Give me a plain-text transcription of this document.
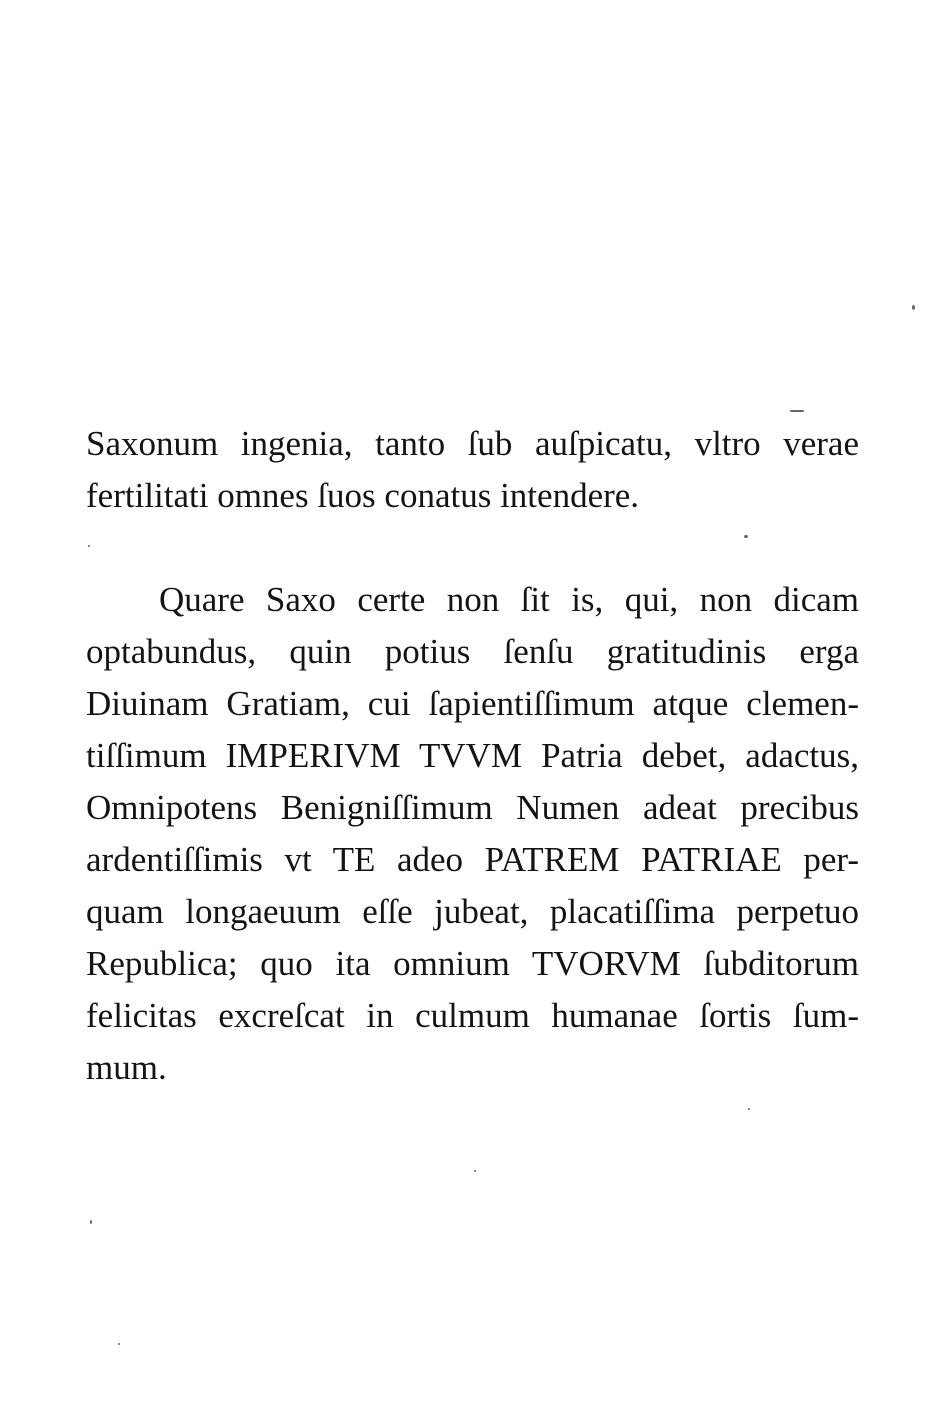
Saxonum ingenia, tanto ſub auſpicatu, vltro verae
fertilitati omnes ſuos conatus intendere.
Quare Saxo certe non ſit is, qui, non dicam
optabundus, quin potius ſenſu gratitudinis erga
Diuinam Gratiam, cui ſapientiſſimum atque clemen-
tiſſimum IMPERIVM TVVM Patria debet, adactus,
Omnipotens Benigniſſimum Numen adeat precibus
ardentiſſimis vt TE adeo PATREM PATRIAE per-
quam longaeuum eſſe jubeat, placatiſſima perpetuo
Republica; quo ita omnium TVORVM ſubditorum
felicitas excreſcat in culmum humanae ſortis ſum-
mum.
